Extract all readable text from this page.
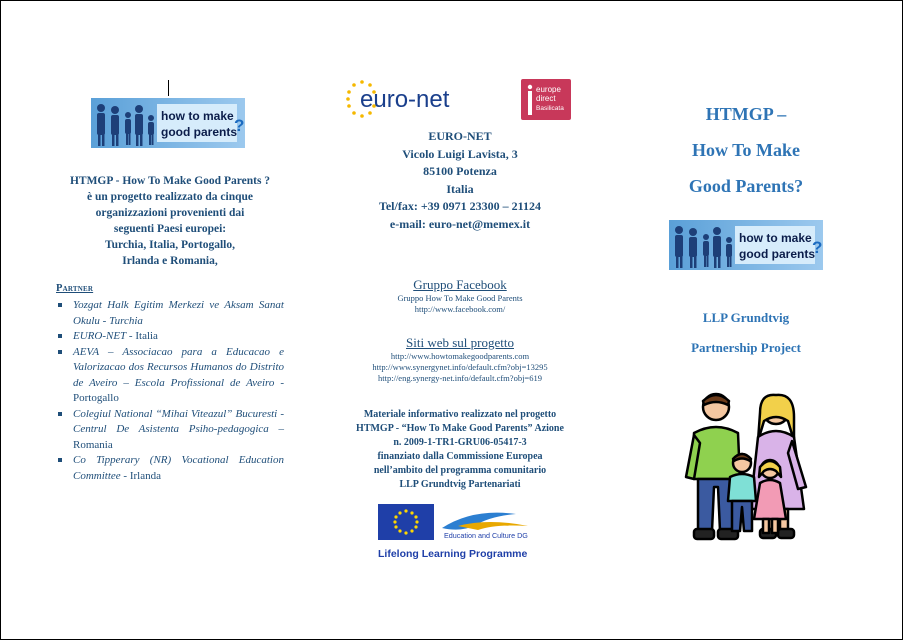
how to make
good parents
?
HTMGP - How To Make Good Parents ?
è un progetto realizzato da cinque
organizzazioni provenienti dai
seguenti Paesi europei:
Turchia, Italia, Portogallo,
Irlanda e Romania,
Partner
Yozgat Halk Egitim Merkezi ve Aksam Sanat Okulu - Turchia
EURO-NET - Italia
AEVA – Associacao para a Educacao e Valorizacao dos Recursos Humanos do Distrito de Aveiro – Escola Profissional de Aveiro - Portogallo
Colegiul National “Mihai Viteazul” Bucuresti - Centrul De Asistenta Psiho-pedagogica – Romania
Co Tipperary (NR) Vocational Education Committee - Irlanda
euro-net	europe
direct
Basilicata
EURO-NET
Vicolo Luigi Lavista, 3
85100 Potenza
Italia
Tel/fax: +39 0971 23300 – 21124
e-mail: euro-net@memex.it
Gruppo Facebook
Gruppo How To Make Good Parents
http://www.facebook.com/
Siti web sul progetto
http://www.howtomakegoodparents.com
http://www.synergynet.info/default.cfm?obj=13295
http://eng.synergy-net.info/default.cfm?obj=619
Materiale informativo realizzato nel progetto
HTMGP - “How To Make Good Parents” Azione
n. 2009-1-TR1-GRU06-05417-3
finanziato dalla Commissione Europea
nell’ambito del programma comunitario
LLP Grundtvig Partenariati
Education and Culture DG
Lifelong Learning Programme
HTMGP –
How To Make
Good Parents?
how to make
good parents
?
LLP Grundtvig
Partnership Project
